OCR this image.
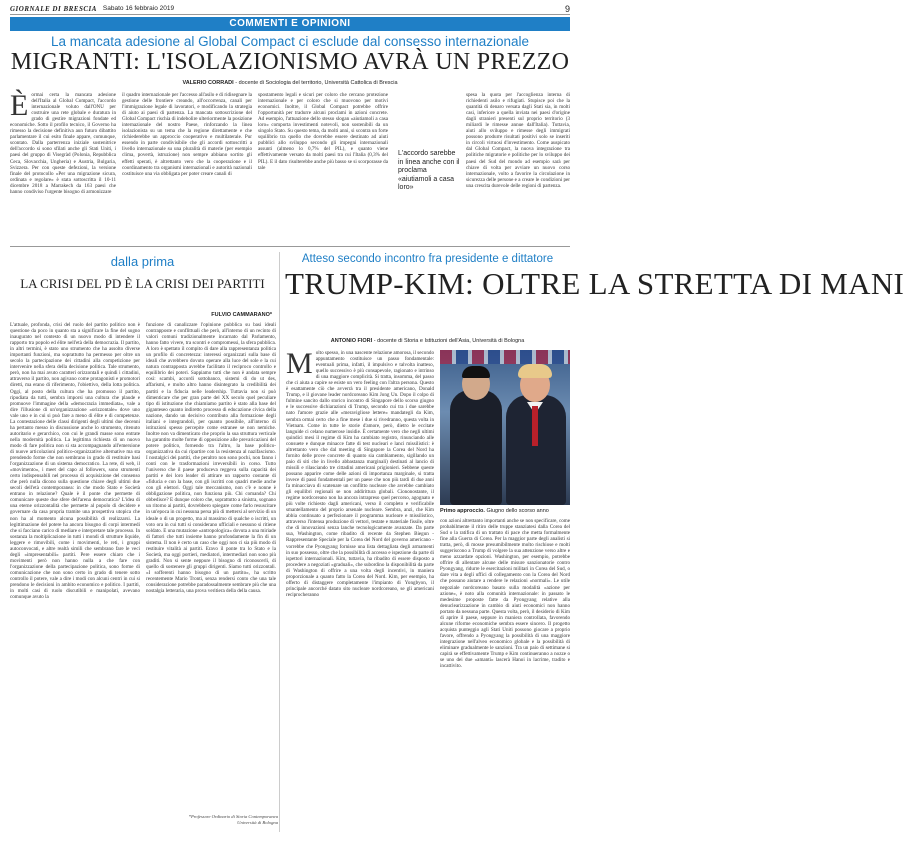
GIORNALE DI BRESCIA Sabato 16 febbraio 2019	9
COMMENTI E OPINIONI
La mancata adesione al Global Compact ci esclude dal consesso internazionale
MIGRANTI: L'ISOLAZIONISMO AVRÀ UN PREZZO
VALERIO CORRADI - docente di Sociologia del territorio, Università Cattolica di Brescia
Èormai certa la mancata adesione dell'Italia al Global Compact, l'accordo internazionale voluto dall'ONU per costruire una rete globale e duratura in grado di gestire migrazioni fondate ed economiche. Sotto il profilo tecnico, il Governo ha rimesso la decisione definitiva aun futuro dibattito parlamentare il cui esito finale appare, comunque, scontato. Dalla parterrenza iniziale sostenitrice dell'accordo si sono sfilati anche gli Stati Uniti, i paesi del gruppo di Visegràd (Polonia, Repubblica Ceca, Slovacchia, Ungheria) e Austria, Bulgaria, Svizzera. Per con queste defezioni, la versione finale del protocollo «Per una migrazione sicura, ordinata e regolare» è stata sottoscritta il 10-11 dicembre 2018 a Marrakech da 163 paesi che hanno condiviso l'urgente bisogno di armonizzare
il quadro internazionale per l'accesso all'asilo e di ridisegnare la gestione delle frontiere creando, all'occorrenza, canali per l'immigrazione legale di lavoratori, e modificando la strategia di aiuto ai paesi di partenza. La mancata sottoscrizione del Global Compact rischia di indebolire ulteriormente la posizione internazionale del nostro Paese, rinforzando la linea isolazionista su un tema che la regione direttamente e che richiederebbe un approccio cooperativo e multilaterale. Pur essendo in parte condivisibile che gli accordi sottoscritti a livello internazionale su una pluralità di materie (per esempio clima, povertà, istruzione) non sempre abbiano sortito gli effetti sperati, è altrettanto vero che la cooperazione e il coordinamento tra organismi internazionali e autorità nazionali costituisce una via obbligata per poter creare canali di
spostamento legali e sicuri per coloro che cercano protezione internazionale e per coloro che si muovono per motivi economici. Inoltre, il Global Compact potrebbe offrire l'opportunità per tradurre alcuni proclami in azioni concrete. Ad esempio, l'attuazione dello stesso slogan «aiutiamoli a casa loro» comporta investimenti notevoli, non sostenibili da un singolo Stato. Su questo tema, da molti anni, si scontra un forte squilibrio tra quello che dovrebbe essere destinato ad aiuti pubblici allo sviluppo secondo gli impegni internazionali assunti (almeno lo 0,7% del PIL), e quanto viene effettivamente versato da molti paesi tra cui l'Italia (0,3% del PIL). E il dato risulterebbe anche più basso se si scorporasse da tale
L'accordo sarebbe in linea anche con il proclama «aiutiamoli a casa loro»
spesa la quota per l'accoglienza interna di richiedenti asilo e rifugiati. Stupisce poi che la quantità di denaro versata dagli Stati sia, in molti casi, inferiore a quella inviata nei paesi d'origine dagli stranieri presenti sul proprio territorio (3 miliardi le rimesse annue dall'Italia). Tuttavia, aiuti allo sviluppo e rimesse degli immigrati possono produrre risultati positivi solo se inseriti in circoli virtuosi d'investimento. Come auspicato dal Global Compact, la nuova integrazione tra politiche migratorie e politiche per lo sviluppo dei paesi del Sud del mondo ad esempio sarà per chiave di volta per avviare un nuovo corso internazionale, volto a favorire la circolazione in sicurezza delle persone e a creare le condizioni per una crescita durevole delle regioni di partenza.
dalla prima
LA CRISI DEL PD È LA CRISI DEI PARTITI
FULVIO CAMMARANO*
L'attuale, profonda, crisi del ruolo del partito politico non è questione da poco in quanto sta a significare la fine del sogno inaugurato nel contesto di un nuovo modo di intendere il rapporto tra popolo ed élite nell'età della democrazia. Il partito, in altri termini, è stato uno strumento che ha assolto diverse importanti funzioni, ma soprattutto ha permesso per oltre un secolo la partecipazione dei cittadini alla competizione per intervenire nella sfera della decisione politica. Tale strumento, però, non ha mai avuto caratteri orizzontali e quindi i cittadini, attraverso il partito, non agivano come protagonisti e promotori diretti, ma erano di riferimento, l'obiettivo, della lotta politica. Oggi, al posto della cultura che ha promosso il partito, ripudiata da tutti, sembra imporsi una cultura che plaude e promuove l'immagine della «democrazia immediata», vale a dire l'illusione di un'organizzazione «orizzontale» dove uno vale uno e in cui si può fare a meno di élite e di competenze. La contestazione delle classi dirigenti degli ultimi due decenni ha pertanto messo in discussione anche lo strumento, ritenuto autoritario e gerarchico, con cui le grandi masse sono entrate nella modernità politica. La legittima richiesta di un nuovo modo di fare politica non si sta accompagnando all'emersione di nuove articolazioni politico-organizzative alternative ma sta prendendo forme che non sembrano in grado di restituire basi l'organizzazione di un sistema democratico. La rete, di web, il «movimento», i meet del capo al followers, sono strumenti certo indispensabili nel processo di acquisizione del consenso che però nulla dicono sulla questione chiave degli ultimi due secoli dell'età contemporanea: in che modo Stato e Società entrano in relazione? Quale è il ponte che permette di comunicare queste due sfere dell'arena democratica? L'idea di una eterne orizzontalità che permette al popolo di decidere e governare da casa propria tramite una prospettiva utopica che non ha al momento alcuna possibilità di realizzarsi. La legittimazione del potere ha ancora bisogno di corpi intermedi che si facciano carico di mediare e interpretare tale processo. In sostanza la moltiplicazione in tutti i mondi di strutture liquide, leggere e rimovibili, come i movimenti, le reti, i gruppi autoconvocati, e altre realtà simili che sembrano fare le veci degli «impresentabili» partiti. Pere essere chiaro che i movimenti però non hanno nulla a che fare con l'organizzazione della partecipazione politica, sono forme di comunicazione che non sono certo in grado di tenere sotto controllo il potere, vale a dire i modi con alcuni centri in cui si prendono le decisioni in ambito economico e politico. I partiti, in molti casi di ruolo discutibili e manipolati, avevano comunque avuto la
funzione di canalizzare l'opinione pubblica su basi ideali contrapposte e conflittuali che però, all'interno di un recinto di valori comuni tradizionalmente incarnato dal Parlamento, hanno fatto vivere, tra scontri e compromessi, la sfera pubblica. A loro è spettato il compito di dare alla rappresentanza politica un profilo di concretezza: interessi organizzati sulla base di ideali che avrebbero dovuto operare alla luce del sole e la cui natura contrapposta avrebbe facilitato il reciproco controllo e equilibrio dei poteri. Sappiamo tutti che non è andata sempre così: scambi, accordi sottobanco, sistemi di do ut des, affarismi, e molto altro hanno disintegrato la credibilità dei partiti e la fiducia nelle leadership. Tuttavia non si può dimenticare che per gran parte del XX secolo quel peculiare tipo di istituzione che chiamiamo partito è stato alla base del giganteseo quanto indiretto processo di educazione civica della nazione, dando un decisivo contributo alla formazione degli italiani e integrandoli, per quanto possibile, all'interno di istituzioni spesso percepite come estranee se non nemiche. Inoltre non va dimenticato che proprio la sua struttura verticale ha garantito molte forme di opposizione alle prevaricazioni del potere politico, fornendo tra l'altro, la base politico-organizzativa da cui ripartire con la resistenza al nazifascismo. I nostalgici dei partiti, che peraltro non sono pochi, non fanno i conti con le trasformazioni irreversibili in corso. Tutto l'universo che il paese produceva reggeva sulla capacità dei partiti e dei loro leader di attirare un rapporto costante di «fiducia e con la base, con gli iscritti con quadri medie anche con gli elettori. Oggi tale meccanismo, non c'è e nonne è obbligazione politica, non funziona più. Chi comanda? Chi obbedisce? E dunque coloro che, soprattutto a sinistra, sognano un ritorno ai partiti, dovrebbero spiegare come farlo resuscitare in un'epoca in cui nessuna persa più di mettersi al servizio di un ideale o di un progetto, ma al massimo di qualche o iscritti, un voto ora in cui tutti si considerano ufficiali e nessuno si ritiene soldato. E una mutazione «antropologica» dovuta a una miriade di fattori che tutti insieme hanno profondamente la fin di un sistema. Il non è certo un caso che oggi non ci sia più modo di restituire vitalità ai partiti. Eravo il ponte tra lo Stato e la Società, ma oggi portieri, mediatori, intermediari non sono più graditi. Non si sente neppure il bisogno di riconoscerli, di quello di sostenere gli gruppi dirigenti. Siamo tutti orizzontali. «I sofferenti hanno bisogno di un partito», ha scritto recentemente Mario Tronti, senza rendersi conto che una tale considerazione potrebbe paradossalmente sembrare più che una nostalgia letteraria, una prova veritiera della della causa.
*Professore Ordinario di Storia Contemporanea Università di Bologna
Atteso secondo incontro fra presidente e dittatore
TRUMP-KIM: OLTRE LA STRETTA DI MANI
ANTONIO FIORI - docente di Storia e Istituzioni dell'Asia, Università di Bologna
Molto spesso, in una nascente relazione amorosa, il secondo appuntamento costituisce un passo fondamentale: eventuali prima, infatti, il impulsivo e talvolta inatteso, quello successivo è più consapevole, ragionato e intrinso di una maggiore complicità. Si tratta, insomma, del passo che ci aiuta a capire se esiste un vero feeling con l'altra persona. Questo è esattamente ciò che avverrà tra il presidente americano, Donald Trump, e il giovane leader nordcoreano Kim Jong Un. Dopo il colpo di fulmine sancito dallo storico incontro di Singapore dello scorso giugno e le successive dichiarazioni di Trump, secondo cui tra i due sarebbe nato l'amore grazie alle «meravigliose lettere» mandategli da Kim, sembra ormai certo che a fine mese i due si rivedranno, questa volta in Vietnam. Come in tutte le storie d'amore, però, dietro le eccitate languide ci celano numerose insidie. È certamente vero che negli ultimi quindici mesi il regime di Kim ha cambiato registro, rinunciando alle consuete e dunque minacce fatte di test nucleari e lanci missilistici: è altrettanto vero che dal meeting di Singapore la Corea del Nord ha fornito delle prove concrete di quanto sia cambiamento, sigillando un paio di siti che in livello abbastanza marginali) destinati al lancio di missili e rilasciando tre cittadini americani prigionieri. Sebbene queste possano apparire come delle azioni di importanza marginale, si tratta invece di passi fondamentali per un paese che non più tardi di due anni fa minacciava di scatenare un conflitto nucleare che avrebbe cambiato gli equilibri regionali se non addirittura globali. Ciononostante, il regime nordcoreano non ha ancora intrapreso quel percorso, agognato e più volte richiesto dagli americani, verso il completo e verificabile smantellamento del proprio arsenale nucleare. Sembra, anzi, che Kim abbia continuato a perfezionare il programma nucleare e missilistico, attraverso l'intensa produzione di vettori, testate e materiale fissile, oltre che di innovazioni senza lanche tecnologicamente avanzate. Da parte sua, Washington, come ribadito di recente da Stephen Biegun - Rappresentante Speciale per la Corea del Nord del governo americano - vorrebbe che Pyongyang fornisse una lista dettagliata degli armamenti in suo possesso, oltre che la possibilità di accesso e ispezione da parte di ispettori internazionali. Kim, tuttavia, ha ribadito di essere disposto a procedere a negoziati «graduali», che subordino la disponibilità da parte di Washington di offrire a una volta degli incentivi, in maniera proporzionale a quanto fatto la Corea del Nord. Kim, per esempio, ha offerto di distaggere completamente l'impianto di Yongbyon, il principale ancorché datato sito nucleare nordcoreano, se gli americani reciprocheranno
Primo approccio. Giugno dello scorso anno
con azioni altrettanto importanti anche se non specificare, come probabilmente il ritiro delle truppe stanziatesi dalla Corea del Sud o la ratifica di un trattato di pace che metta formalmente fine alla Guerra di Corea. Per la maggior parte degli analisti si tratta, però, di mosse presumibilmente molto rischiose e molti suggeriscono a Trump di volgere la sua attenzione verso altre e meno azzardate opzioni. Washington, per esempio, potrebbe offrire di allentare alcune delle misure sanzionatorie contro Pyongyang, ridurre le esercitazioni militari in Corea del Sud, o dare vita a degli uffici di collegamento con la Corea del Nord che possano aiutare a rendere le relazioni «normali». Le utile negoziale nordcoreano basato sulla modalità «azione per azione», è noto alla comunità internazionale: in passato le medesime proposte fatte da Pyongyang relative alla denuclearizzazione in cambio di aiuti economici non hanno portato da nessuna parte. Questa volta, però, il desiderio di Kim di aprire il paese, seppure in maniera controllata, favorendo alcune riforme economiche sembra essere sincero. Il progetto acquista punteggio agli Stati Uniti possono giocare a proprio favore, offrendo a Pyongyang la possibilità di una maggiore integrazione nell'alveo economico globale e la possibilità di eliminare gradualmente le sanzioni. Tra un paio di settimane si capirà se effettivamente Trump e Kim continueranno a nozze o se uno dei due «amanti» lascerà Hanoi in lacrime, tradito e incattivito.
